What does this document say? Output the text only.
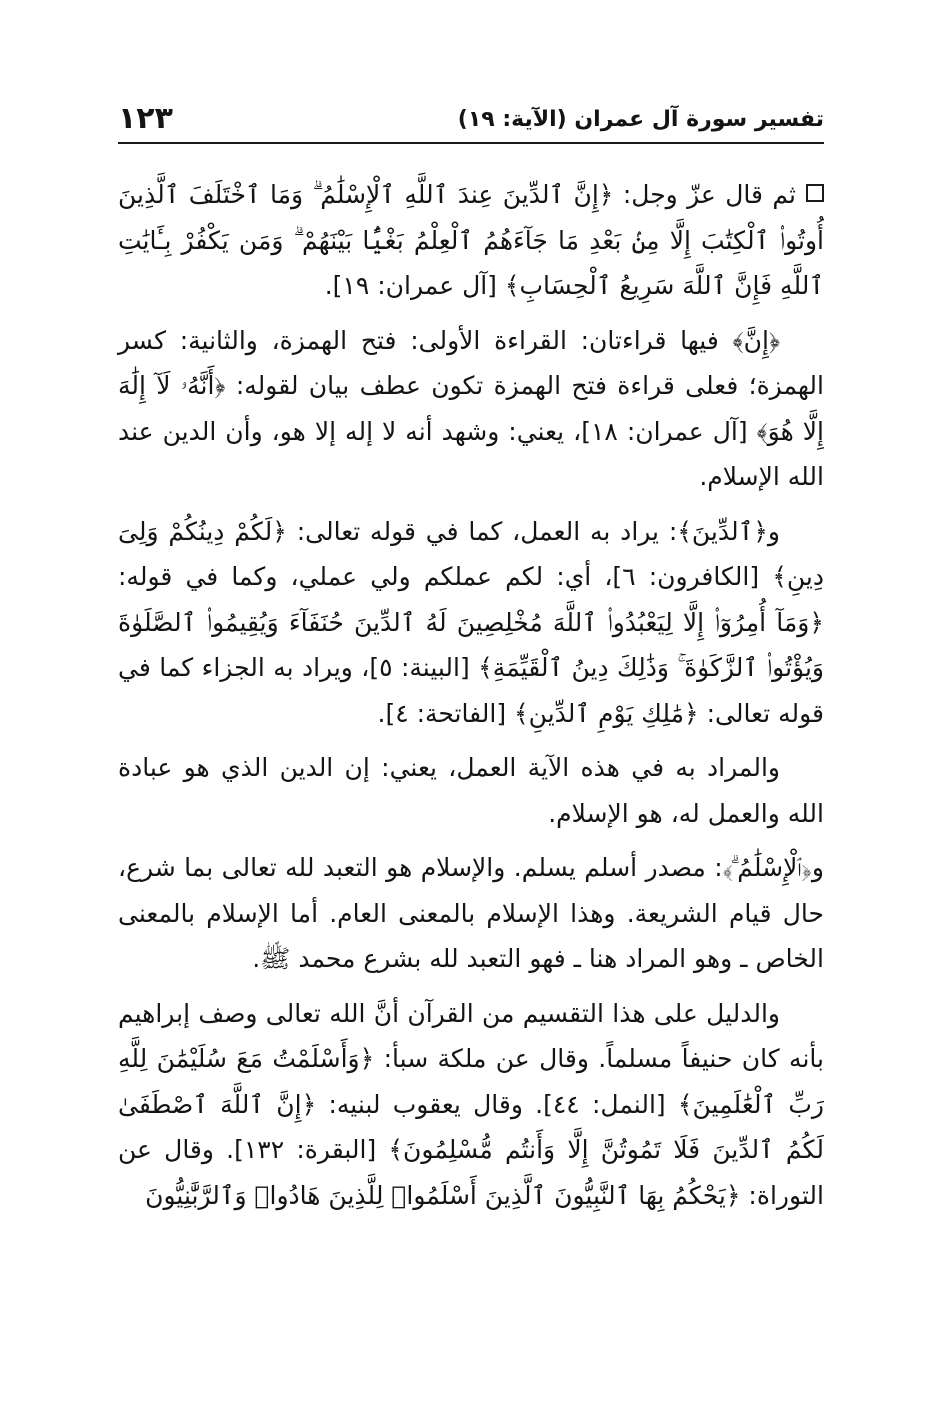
تفسير سورة آل عمران (الآية: ١٩)
١٢٣

ثم قال عزّ وجل: ﴿إِنَّ ٱلدِّينَ عِندَ ٱللَّهِ ٱلْإِسْلَٰمُ ۗ وَمَا ٱخْتَلَفَ ٱلَّذِينَ أُوتُوا۟ ٱلْكِتَٰبَ إِلَّا مِنۢ بَعْدِ مَا جَآءَهُمُ ٱلْعِلْمُ بَغْيًۢا بَيْنَهُمْ ۗ وَمَن يَكْفُرْ بِـَٔايَٰتِ ٱللَّهِ فَإِنَّ ٱللَّهَ سَرِيعُ ٱلْحِسَابِ﴾ [آل عمران: ١٩].

﴿إِنَّ﴾ فيها قراءتان: القراءة الأولى: فتح الهمزة، والثانية: كسر الهمزة؛ فعلى قراءة فتح الهمزة تكون عطف بيان لقوله: ﴿أَنَّهُۥ لَآ إِلَٰهَ إِلَّا هُوَ﴾ [آل عمران: ١٨]، يعني: وشهد أنه لا إله إلا هو، وأن الدين عند الله الإسلام.

و﴿ٱلدِّينَ﴾: يراد به العمل، كما في قوله تعالى: ﴿لَكُمْ دِينُكُمْ وَلِىَ دِينِ﴾ [الكافرون: ٦]، أي: لكم عملكم ولي عملي، وكما في قوله: ﴿وَمَآ أُمِرُوٓا۟ إِلَّا لِيَعْبُدُوا۟ ٱللَّهَ مُخْلِصِينَ لَهُ ٱلدِّينَ حُنَفَآءَ وَيُقِيمُوا۟ ٱلصَّلَوٰةَ وَيُؤْتُوا۟ ٱلزَّكَوٰةَ ۚ وَذَٰلِكَ دِينُ ٱلْقَيِّمَةِ﴾ [البينة: ٥]، ويراد به الجزاء كما في قوله تعالى: ﴿مَٰلِكِ يَوْمِ ٱلدِّينِ﴾ [الفاتحة: ٤].

والمراد به في هذه الآية العمل، يعني: إن الدين الذي هو عبادة الله والعمل له، هو الإسلام.

و﴿ٱلْإِسْلَٰمُ ۗ﴾: مصدر أسلم يسلم. والإسلام هو التعبد لله تعالى بما شرع، حال قيام الشريعة. وهذا الإسلام بالمعنى العام. أما الإسلام بالمعنى الخاص ـ وهو المراد هنا ـ فهو التعبد لله بشرع محمد ﷺ.

والدليل على هذا التقسيم من القرآن أنَّ الله تعالى وصف إبراهيم بأنه كان حنيفاً مسلماً. وقال عن ملكة سبأ: ﴿وَأَسْلَمْتُ مَعَ سُلَيْمَٰنَ لِلَّهِ رَبِّ ٱلْعَٰلَمِينَ﴾ [النمل: ٤٤]. وقال يعقوب لبنيه: ﴿إِنَّ ٱللَّهَ ٱصْطَفَىٰ لَكُمُ ٱلدِّينَ فَلَا تَمُوتُنَّ إِلَّا وَأَنتُم مُّسْلِمُونَ﴾ [البقرة: ١٣٢]. وقال عن التوراة: ﴿يَحْكُمُ بِهَا ٱلنَّبِيُّونَ ٱلَّذِينَ أَسْلَمُوا۟ لِلَّذِينَ هَادُوا۟ وَٱلرَّبَّٰنِيُّونَ
